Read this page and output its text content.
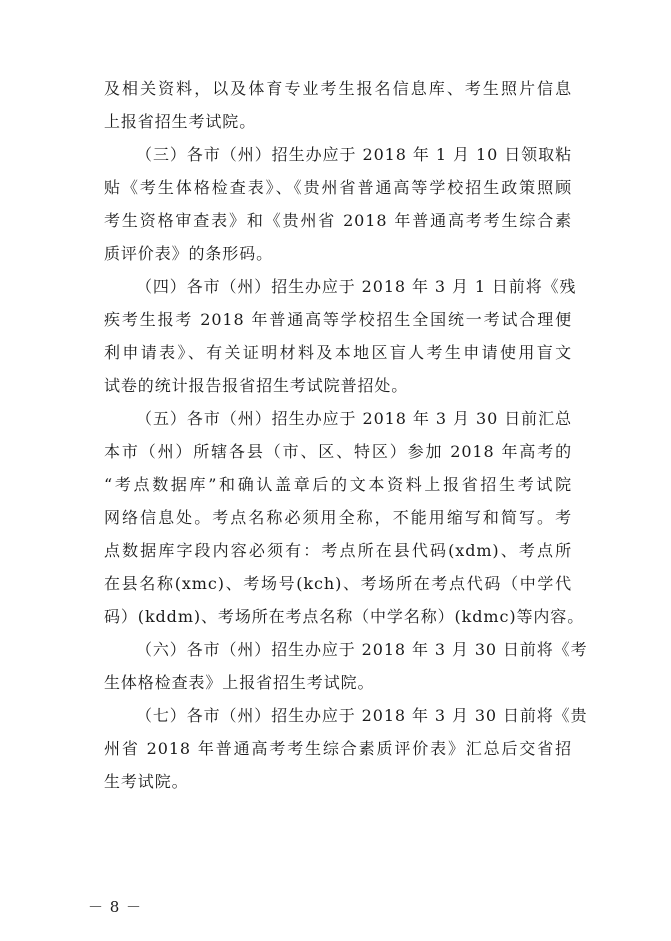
及相关资料，以及体育专业考生报名信息库、考生照片信息
上报省招生考试院。
（三）各市（州）招生办应于 2018 年 1 月 10 日领取粘
贴《考生体格检查表》、《贵州省普通高等学校招生政策照顾
考生资格审查表》和《贵州省 2018 年普通高考考生综合素
质评价表》的条形码。
（四）各市（州）招生办应于 2018 年 3 月 1 日前将《残
疾考生报考 2018 年普通高等学校招生全国统一考试合理便
利申请表》、有关证明材料及本地区盲人考生申请使用盲文
试卷的统计报告报省招生考试院普招处。
（五）各市（州）招生办应于 2018 年 3 月 30 日前汇总
本市（州）所辖各县（市、区、特区）参加 2018 年高考的
“考点数据库”和确认盖章后的文本资料上报省招生考试院
网络信息处。考点名称必须用全称，不能用缩写和简写。考
点数据库字段内容必须有：考点所在县代码(xdm)、考点所
在县名称(xmc)、考场号(kch)、考场所在考点代码（中学代
码）(kddm)、考场所在考点名称（中学名称）(kdmc)等内容。
（六）各市（州）招生办应于 2018 年 3 月 30 日前将《考
生体格检查表》上报省招生考试院。
（七）各市（州）招生办应于 2018 年 3 月 30 日前将《贵
州省 2018 年普通高考考生综合素质评价表》汇总后交省招
生考试院。
－ 8 －
